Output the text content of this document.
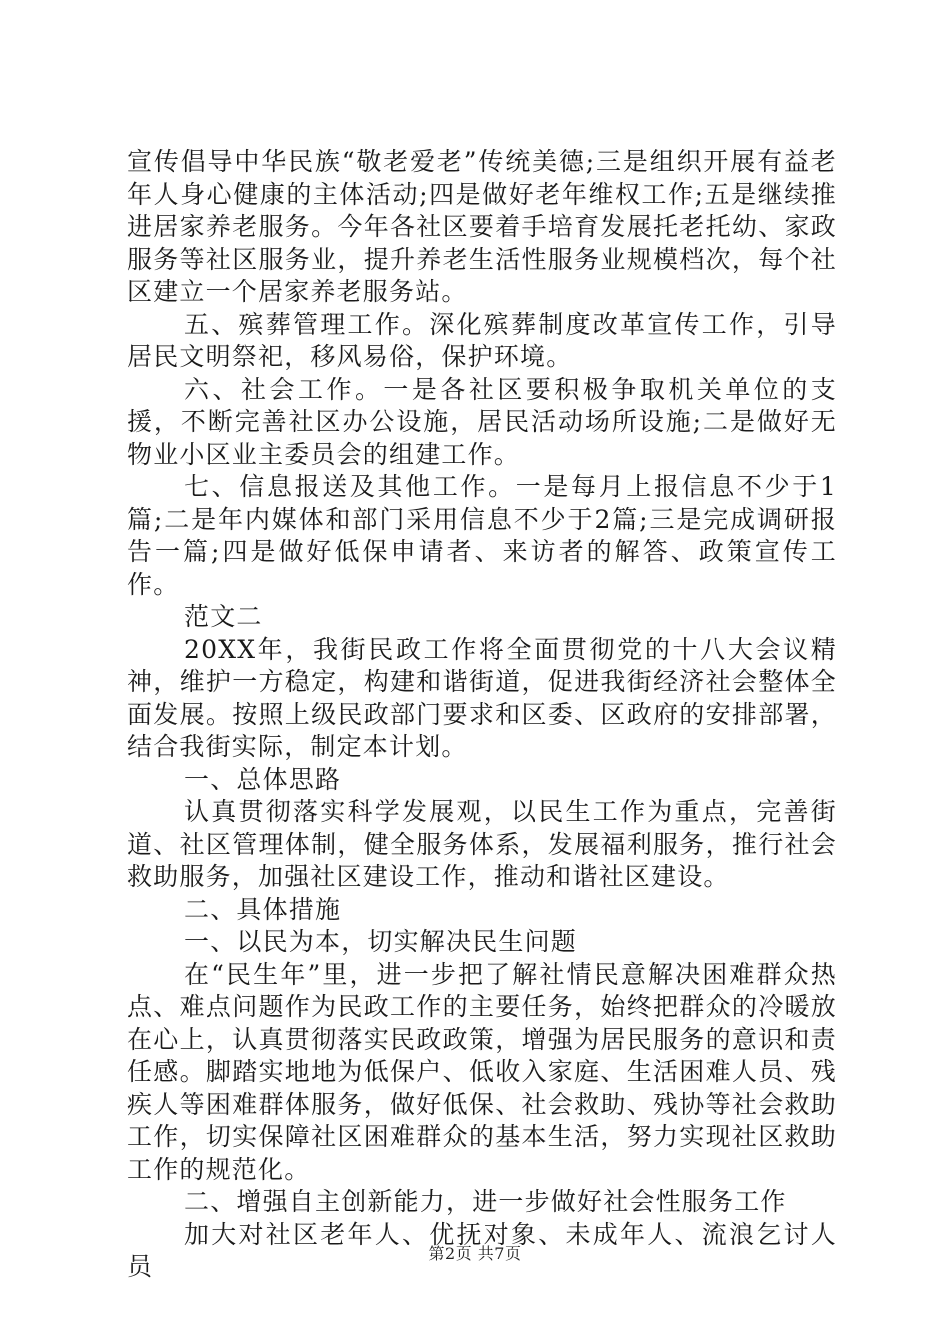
宣传倡导中华民族“敬老爱老”传统美德;三是组织开展有益老年人身心健康的主体活动;四是做好老年维权工作;五是继续推进居家养老服务。今年各社区要着手培育发展托老托幼、家政服务等社区服务业，提升养老生活性服务业规模档次，每个社区建立一个居家养老服务站。

五、殡葬管理工作。深化殡葬制度改革宣传工作，引导居民文明祭祀，移风易俗，保护环境。

六、社会工作。一是各社区要积极争取机关单位的支援，不断完善社区办公设施，居民活动场所设施;二是做好无物业小区业主委员会的组建工作。

七、信息报送及其他工作。一是每月上报信息不少于1篇;二是年内媒体和部门采用信息不少于2篇;三是完成调研报告一篇;四是做好低保申请者、来访者的解答、政策宣传工作。

范文二

20XX年，我街民政工作将全面贯彻党的十八大会议精神，维护一方稳定，构建和谐街道，促进我街经济社会整体全面发展。按照上级民政部门要求和区委、区政府的安排部署，结合我街实际，制定本计划。

一、总体思路

认真贯彻落实科学发展观，以民生工作为重点，完善街道、社区管理体制，健全服务体系，发展福利服务，推行社会救助服务，加强社区建设工作，推动和谐社区建设。

二、具体措施

一、以民为本，切实解决民生问题

在“民生年”里，进一步把了解社情民意解决困难群众热点、难点问题作为民政工作的主要任务，始终把群众的冷暖放在心上，认真贯彻落实民政政策，增强为居民服务的意识和责任感。脚踏实地地为低保户、低收入家庭、生活困难人员、残疾人等困难群体服务，做好低保、社会救助、残协等社会救助工作，切实保障社区困难群众的基本生活，努力实现社区救助工作的规范化。

二、增强自主创新能力，进一步做好社会性服务工作

加大对社区老年人、优抚对象、未成年人、流浪乞讨人员	第2页 共7页
